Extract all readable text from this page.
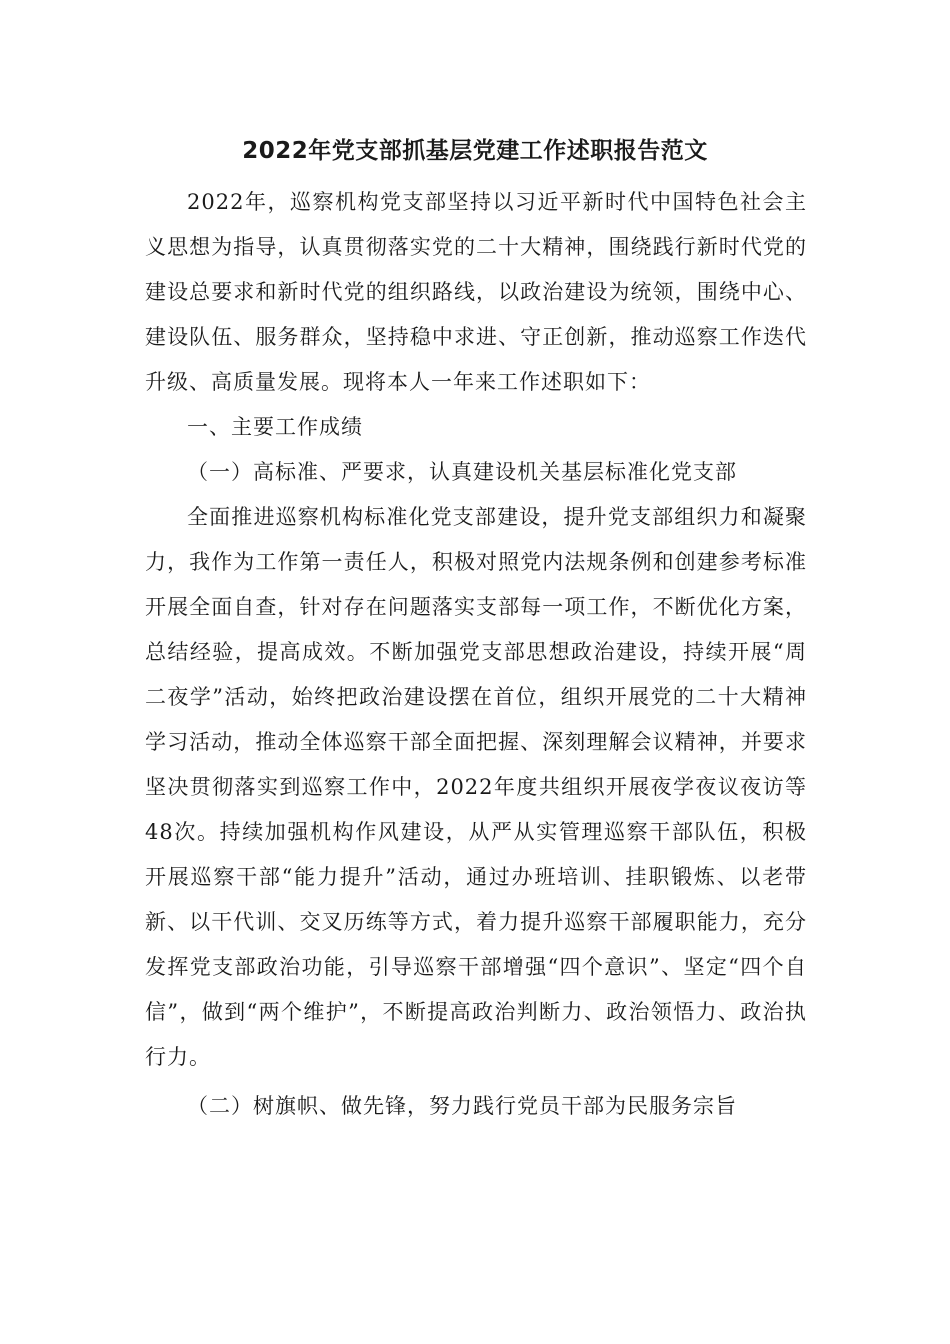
2022年党支部抓基层党建工作述职报告范文

2022年，巡察机构党支部坚持以习近平新时代中国特色社会主义思想为指导，认真贯彻落实党的二十大精神，围绕践行新时代党的建设总要求和新时代党的组织路线，以政治建设为统领，围绕中心、建设队伍、服务群众，坚持稳中求进、守正创新，推动巡察工作迭代升级、高质量发展。现将本人一年来工作述职如下：

一、主要工作成绩

（一）高标准、严要求，认真建设机关基层标准化党支部

全面推进巡察机构标准化党支部建设，提升党支部组织力和凝聚力，我作为工作第一责任人，积极对照党内法规条例和创建参考标准开展全面自查，针对存在问题落实支部每一项工作，不断优化方案，总结经验，提高成效。不断加强党支部思想政治建设，持续开展“周二夜学”活动，始终把政治建设摆在首位，组织开展党的二十大精神学习活动，推动全体巡察干部全面把握、深刻理解会议精神，并要求坚决贯彻落实到巡察工作中，2022年度共组织开展夜学夜议夜访等48次。持续加强机构作风建设，从严从实管理巡察干部队伍，积极开展巡察干部“能力提升”活动，通过办班培训、挂职锻炼、以老带新、以干代训、交叉历练等方式，着力提升巡察干部履职能力，充分发挥党支部政治功能，引导巡察干部增强“四个意识”、坚定“四个自信”，做到“两个维护”，不断提高政治判断力、政治领悟力、政治执行力。

（二）树旗帜、做先锋，努力践行党员干部为民服务宗旨
